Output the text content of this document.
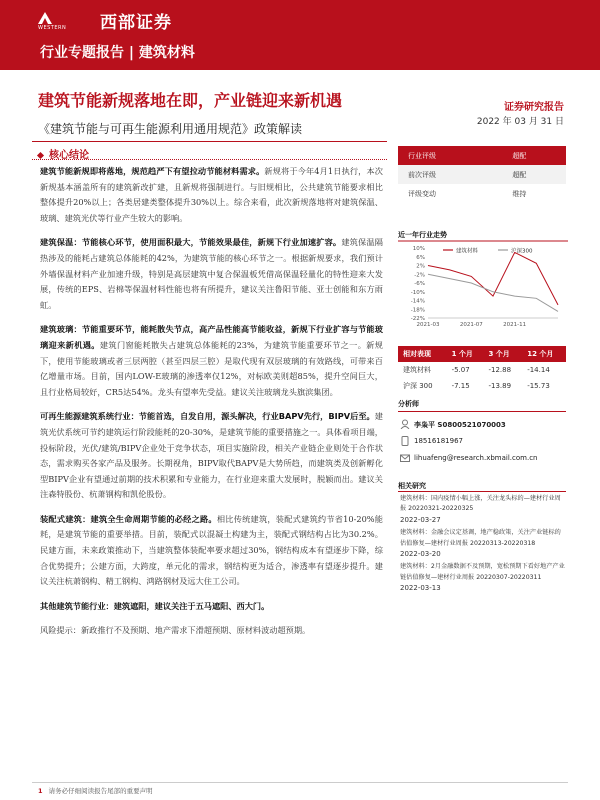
WESTERN 西部证券
行业专题报告 | 建筑材料
建筑节能新规落地在即，产业链迎来新机遇	证券研究报告
2022 年 03 月 31 日
《建筑节能与可再生能源利用通用规范》政策解读
核心结论

建筑节能新规即将落地，规范趋严下有望拉动节能材料需求。新规将于今年4月1日执行，本次新规基本涵盖所有的建筑新改扩建，且新规将强制进行。与旧规相比，公共建筑节能要求相比整体提升20%以上；各类居建类整体提升30%以上。综合来看，此次新规落地将对建筑保温、玻璃、建筑光伏等行业产生较大的影响。

建筑保温：节能核心环节，使用面积最大，节能效果最佳，新规下行业加速扩容。建筑保温隔热涉及的能耗占建筑总体能耗的42%，为建筑节能的核心环节之一。根据新规要求，我们预计外墙保温材料产业加速升级，特别是高层建筑中复合保温板凭借高保温轻量化的特性迎来大发展，传统的EPS、岩棉等保温材料性能也将有所提升，建议关注鲁阳节能、亚士创能和东方雨虹。

建筑玻璃：节能重要环节，能耗散失节点，高产品性能高节能收益，新规下行业扩容与节能玻璃迎来新机遇。建筑门窗能耗散失占建筑总体能耗的23%，为建筑节能重要环节之一。新规下，使用节能玻璃或者三层两腔（甚至四层三腔）是取代现有双层玻璃的有效路线，可带来百亿增量市场。目前，国内LOW-E玻璃的渗透率仅12%，对标欧美则超85%，提升空间巨大，且行业格局较好，CR5达54%。龙头有望率先受益。建议关注玻璃龙头旗滨集团。

可再生能源建筑系统行业：节能首选，自发自用，源头解决，行业BAPV先行，BIPV后至。建筑光伏系统可节约建筑运行阶段能耗的20-30%，是建筑节能的重要措施之一。具体看项目端，投标阶段，光伏/建筑/BIPV企业处于竞争状态，项目实施阶段，相关产业链企业则处于合作状态，需求购买各家产品及服务。长期视角，BIPV取代BAPV是大势所趋，而建筑类及创新孵化型BIPV企业有望通过前期的技术积累和专业能力，在行业迎来重大发展时，脱颖而出。建议关注森特股份、杭萧钢构和凯伦股份。

装配式建筑：建筑全生命周期节能的必经之路。相比传统建筑，装配式建筑约节省10-20%能耗，是建筑节能的重要举措。目前，装配式以混凝土构建为主，装配式钢结构占比为30.2%。民建方面，未来政策推动下，当建筑整体装配率要求超过30%，钢结构成本有望逐步下降，综合优势提升；公建方面，大跨度，单元化的需求，钢结构更为适合，渗透率有望逐步提升。建议关注杭萧钢构、精工钢构、鸿路钢材及远大住工公司。

其他建筑节能行业：建筑遮阳，建议关注于五马遮阳、西大门。

风险提示：新政推行不及预期、地产需求下滑超预期、原材料波动超预期。

行业评级	超配
前次评级	超配
评级变动	维持
近一年行业走势
建筑材料	沪深300
10%
6%
2%
-2%
-6%
-10%
-14%
-18%
-22%
2021-03	2021-07	2021-11
相对表现	1 个月	3 个月	12 个月
建筑材料	-5.07	-12.88	-14.14
沪深 300	-7.15	-13.89	-15.73
分析师
李枭平 S0800521070003
18516181967
lihuafeng@research.xbmail.com.cn
相关研究
建筑材料：国内疫情小幅上涨，关注龙头标的—建材行业周报 20220321-20220325
2022-03-27
建筑材料：金融会议定基调，地产稳政策，关注产业链标的估值修复—建材行业周报 20220313-20220318
2022-03-20
建筑材料：2月金融数据不及预期，宽松预期下看好地产产业链估值修复—建材行业周报 20220307-20220311
2022-03-13
1 请务必仔细阅读报告尾部的重要声明
